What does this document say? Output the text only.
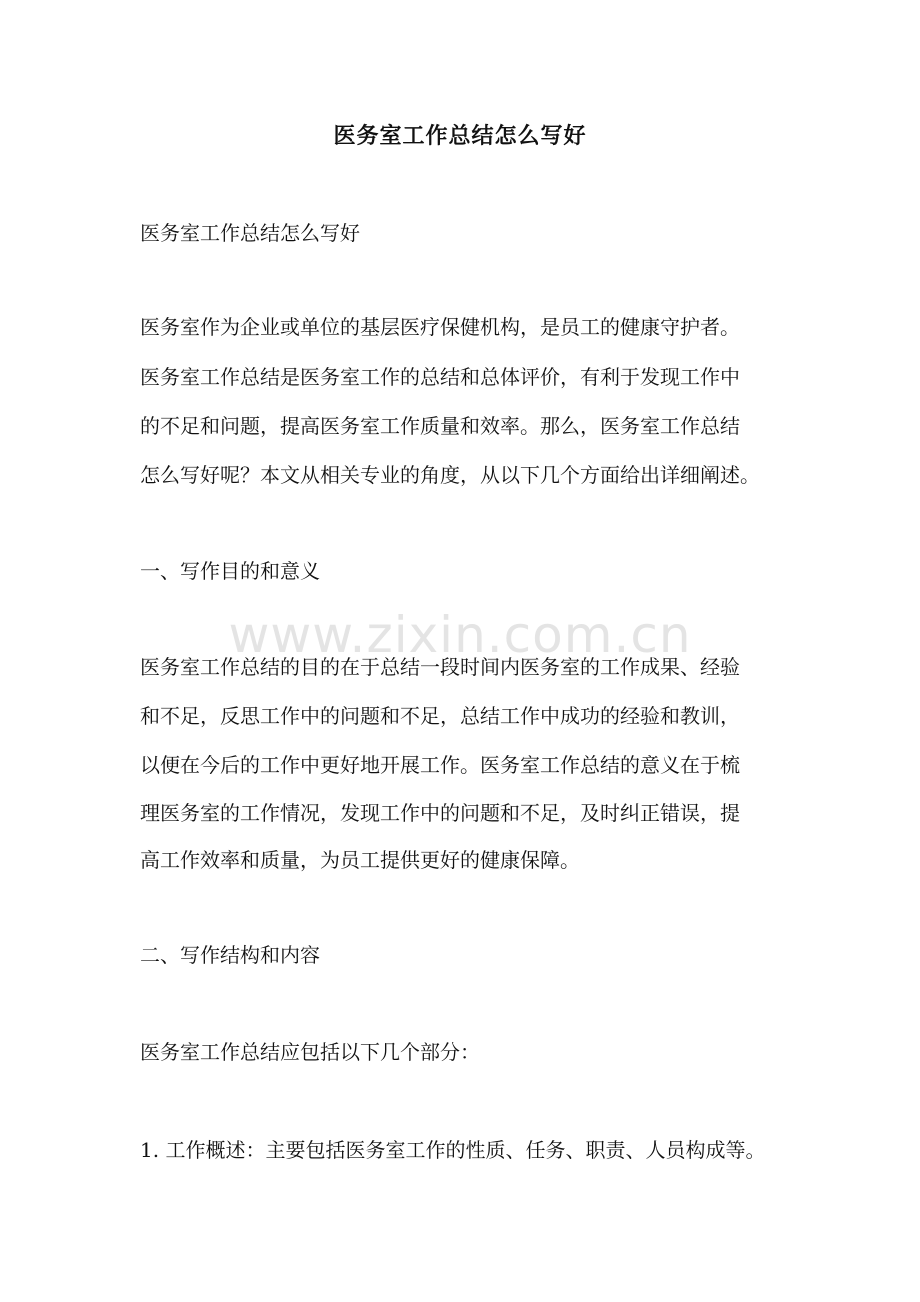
医务室工作总结怎么写好
医务室工作总结怎么写好
医务室作为企业或单位的基层医疗保健机构，是员工的健康守护者。
医务室工作总结是医务室工作的总结和总体评价，有利于发现工作中
的不足和问题，提高医务室工作质量和效率。那么，医务室工作总结
怎么写好呢？本文从相关专业的角度，从以下几个方面给出详细阐述。
一、写作目的和意义
医务室工作总结的目的在于总结一段时间内医务室的工作成果、经验
和不足，反思工作中的问题和不足，总结工作中成功的经验和教训，
以便在今后的工作中更好地开展工作。医务室工作总结的意义在于梳
理医务室的工作情况，发现工作中的问题和不足，及时纠正错误，提
高工作效率和质量，为员工提供更好的健康保障。
二、写作结构和内容
医务室工作总结应包括以下几个部分：
1. 工作概述：主要包括医务室工作的性质、任务、职责、人员构成等。
www.zixin.com.cn
